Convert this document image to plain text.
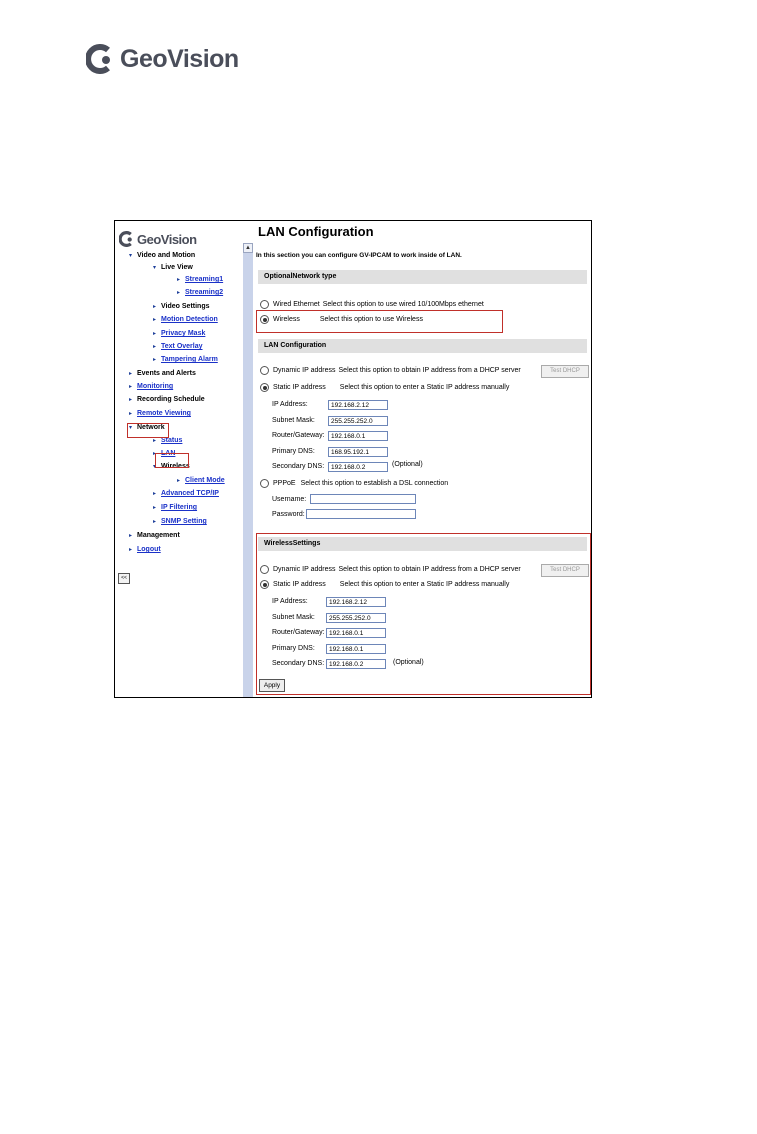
GeoVision
GeoVision
▾ Video and Motion
▾ Live View
▸ Streaming1
▸ Streaming2
▸ Video Settings
▸ Motion Detection
▸ Privacy Mask
▸ Text Overlay
▸ Tampering Alarm
▸ Events and Alerts
▸ Monitoring
▸ Recording Schedule
▸ Remote Viewing
▾ Network
▸ Status
▸ LAN
▾ Wireless
▸ Client Mode
▸ Advanced TCP/IP
▸ IP Filtering
▸ SNMP Setting
▸ Management
▸ Logout
<<
▲
LAN Configuration
In this section you can configure GV-IPCAM to work inside of LAN.
OptionalNetwork type
Wired Ethernet Select this option to use wired 10/100Mbps ethernet
Wireless	Select this option to use Wireless
LAN Configuration
Dynamic IP address Select this option to obtain IP address from a DHCP server	Test DHCP
Static IP address Select this option to enter a Static IP address manually
IP Address:	192.168.2.12
Subnet Mask:	255.255.252.0
Router/Gateway: 192.168.0.1
Primary DNS:	168.95.192.1
Secondary DNS:	192.168.0.2	(Optional)
PPPoE Select this option to establish a DSL connection
Username:
Password:
WirelessSettings
Dynamic IP address Select this option to obtain IP address from a DHCP server	Test DHCP
Static IP address Select this option to enter a Static IP address manually
IP Address:	192.168.2.12
Subnet Mask:	255.255.252.0
Router/Gateway: 192.168.0.1
Primary DNS:	192.168.0.1
Secondary DNS: 192.168.0.2	(Optional)
Apply
